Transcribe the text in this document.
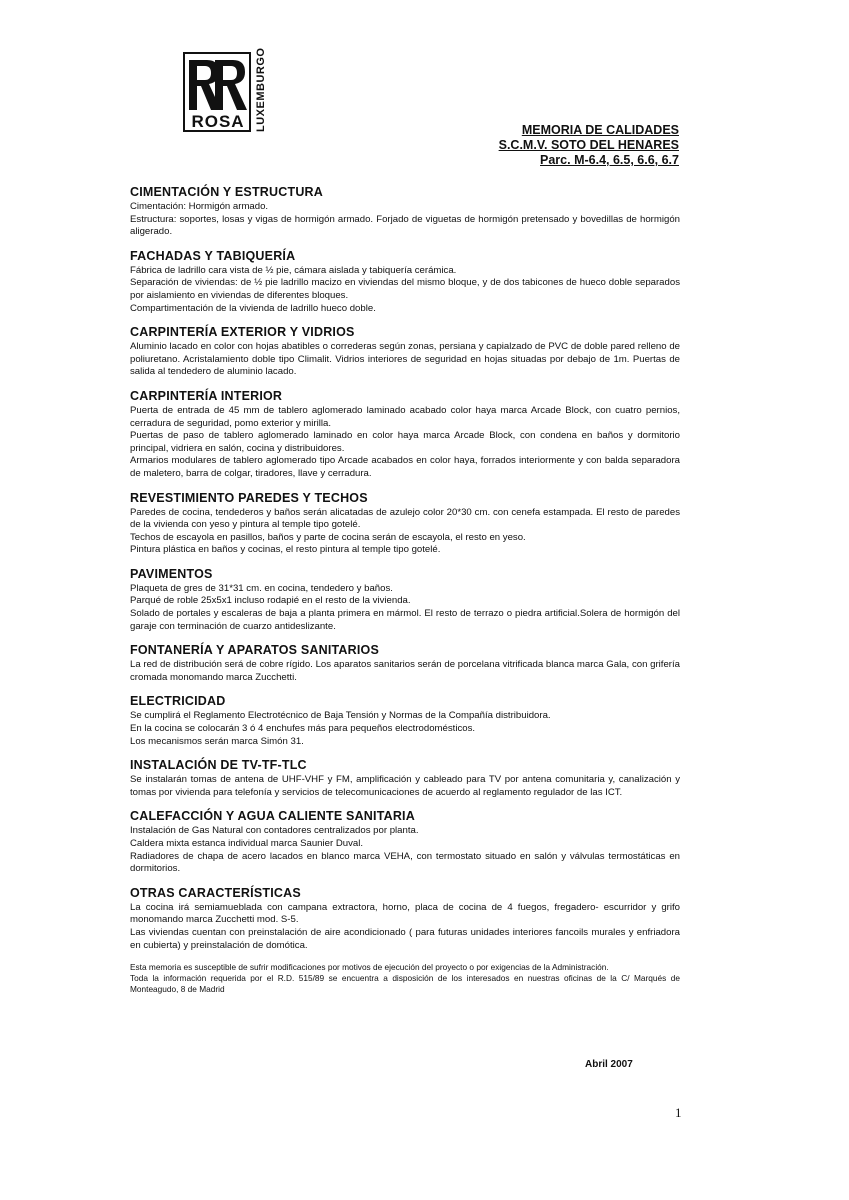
ROSA LUXEMBURGO	MEMORIA DE CALIDADES
S.C.M.V. SOTO DEL HENARES
Parc. M-6.4, 6.5, 6.6, 6.7
CIMENTACIÓN Y ESTRUCTURA

Cimentación: Hormigón armado.

Estructura: soportes, losas y vigas de hormigón armado. Forjado de viguetas de hormigón pretensado y bovedillas de hormigón aligerado.

FACHADAS Y TABIQUERÍA

Fábrica de ladrillo cara vista de ½ pie, cámara aislada y tabiquería cerámica.

Separación de viviendas: de ½ pie ladrillo macizo en viviendas del mismo bloque, y de dos tabicones de hueco doble separados por aislamiento en viviendas de diferentes bloques.

Compartimentación de la vivienda de ladrillo hueco doble.

CARPINTERÍA EXTERIOR Y VIDRIOS

Aluminio lacado en color con hojas abatibles o correderas según zonas, persiana y capialzado de PVC de doble pared relleno de poliuretano. Acristalamiento doble tipo Climalit. Vidrios interiores de seguridad en hojas situadas por debajo de 1m. Puertas de salida al tendedero de aluminio lacado.

CARPINTERÍA INTERIOR

Puerta de entrada de 45 mm de tablero aglomerado laminado acabado color haya marca Arcade Block, con cuatro pernios, cerradura de seguridad, pomo exterior y mirilla.

Puertas de paso de tablero aglomerado laminado en color haya marca Arcade Block, con condena en baños y dormitorio principal, vidriera en salón, cocina y distribuidores.

Armarios modulares de tablero aglomerado tipo Arcade acabados en color haya, forrados interiormente y con balda separadora de maletero, barra de colgar, tiradores, llave y cerradura.

REVESTIMIENTO PAREDES Y TECHOS

Paredes de cocina, tendederos y baños serán alicatadas de azulejo color 20*30 cm. con cenefa estampada. El resto de paredes de la vivienda con yeso y pintura al temple tipo gotelé.

Techos de escayola en pasillos, baños y parte de cocina serán de escayola, el resto en yeso.

Pintura plástica en baños y cocinas, el resto pintura al temple tipo gotelé.

PAVIMENTOS

Plaqueta de gres de 31*31 cm. en cocina, tendedero y baños.

Parqué de roble 25x5x1 incluso rodapié en el resto de la vivienda.

Solado de portales y escaleras de baja a planta primera en mármol. El resto de terrazo o piedra artificial.Solera de hormigón del garaje con terminación de cuarzo antideslizante.

FONTANERÍA Y APARATOS SANITARIOS

La red de distribución será de cobre rígido. Los aparatos sanitarios serán de porcelana vitrificada blanca marca Gala, con grifería cromada monomando marca Zucchetti.

ELECTRICIDAD

Se cumplirá el Reglamento Electrotécnico de Baja Tensión y Normas de la Compañía distribuidora.

En la cocina se colocarán 3 ó 4 enchufes más para pequeños electrodomésticos.

Los mecanismos serán marca Simón 31.

INSTALACIÓN DE TV-TF-TLC

Se instalarán tomas de antena de UHF-VHF y FM, amplificación y cableado para TV por antena comunitaria y, canalización y tomas por vivienda para telefonía y servicios de telecomunicaciones de acuerdo al reglamento regulador de las ICT.

CALEFACCIÓN Y AGUA CALIENTE SANITARIA

Instalación de Gas Natural con contadores centralizados por planta.

Caldera mixta estanca individual marca Saunier Duval.

Radiadores de chapa de acero lacados en blanco marca VEHA, con termostato situado en salón y válvulas termostáticas en dormitorios.

OTRAS CARACTERÍSTICAS

La cocina irá semiamueblada con campana extractora, horno, placa de cocina de 4 fuegos, fregadero- escurridor y grifo monomando marca Zucchetti mod. S-5.

Las viviendas cuentan con preinstalación de aire acondicionado ( para futuras unidades interiores fancoils murales y enfriadora en cubierta) y preinstalación de domótica.

Esta memoria es susceptible de sufrir modificaciones por motivos de ejecución del proyecto o por exigencias de la Administración.

Toda la información requerida por el R.D. 515/89 se encuentra a disposición de los interesados en nuestras oficinas de la C/ Marqués de Monteagudo, 8 de Madrid

Abril 2007
1
